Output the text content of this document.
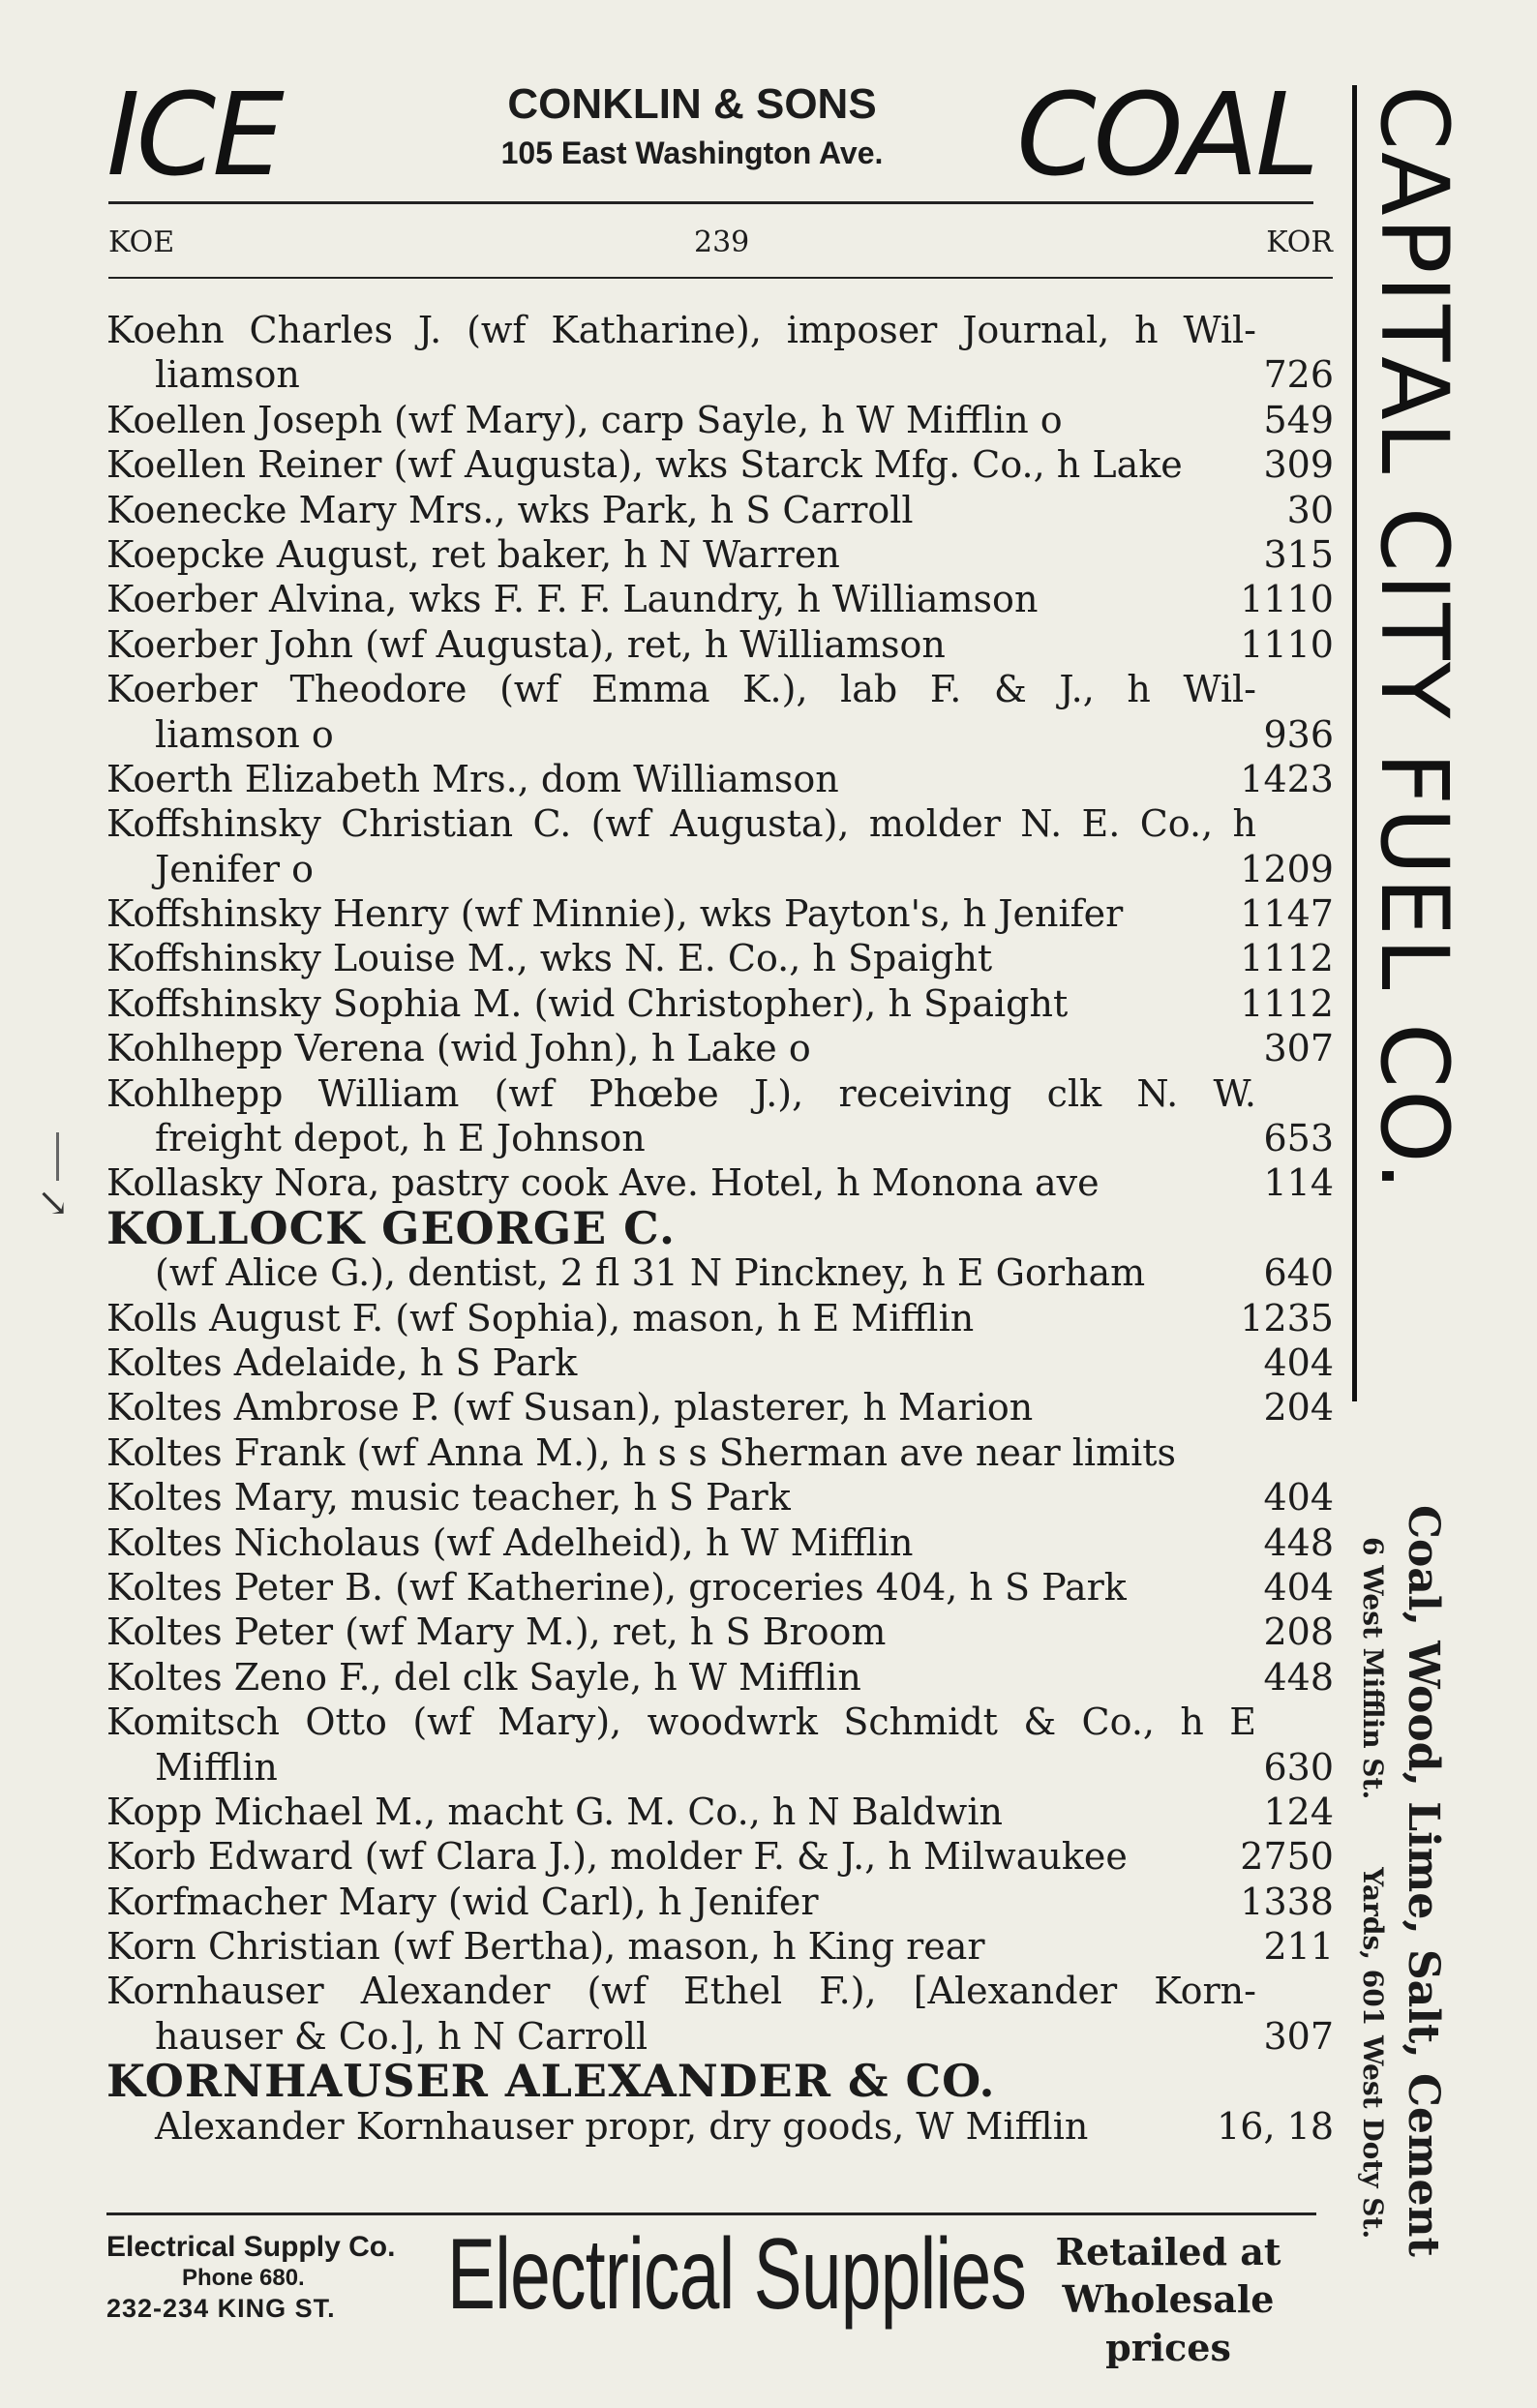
ICE	CONKLIN & SONS
105 East Washington Ave.	COAL
KOE	239	KOR
Koehn Charles J. (wf Katharine), imposer Journal, h Wil-
liamson	726
Koellen Joseph (wf Mary), carp Sayle, h W Mifflin o	549
Koellen Reiner (wf Augusta), wks Starck Mfg. Co., h Lake 309
Koenecke Mary Mrs., wks Park, h S Carroll	30
Koepcke August, ret baker, h N Warren	315
Koerber Alvina, wks F. F. F. Laundry, h Williamson	1110
Koerber John (wf Augusta), ret, h Williamson	1110
Koerber Theodore (wf Emma K.), lab F. & J., h Wil-
liamson o	936
Koerth Elizabeth Mrs., dom Williamson	1423
Koffshinsky Christian C. (wf Augusta), molder N. E. Co., h
Jenifer o	1209
Koffshinsky Henry (wf Minnie), wks Payton's, h Jenifer	1147
Koffshinsky Louise M., wks N. E. Co., h Spaight	1112
Koffshinsky Sophia M. (wid Christopher), h Spaight	1112
Kohlhepp Verena (wid John), h Lake o	307
Kohlhepp William (wf Phœbe J.), receiving clk N. W.
freight depot, h E Johnson	653
Kollasky Nora, pastry cook Ave. Hotel, h Monona ave	114
KOLLOCK GEORGE C.
(wf Alice G.), dentist, 2 fl 31 N Pinckney, h E Gorham	640
Kolls August F. (wf Sophia), mason, h E Mifflin	1235
Koltes Adelaide, h S Park	404
Koltes Ambrose P. (wf Susan), plasterer, h Marion	204
Koltes Frank (wf Anna M.), h s s Sherman ave near limits
Koltes Mary, music teacher, h S Park	404
Koltes Nicholaus (wf Adelheid), h W Mifflin	448
Koltes Peter B. (wf Katherine), groceries 404, h S Park	404
Koltes Peter (wf Mary M.), ret, h S Broom	208
Koltes Zeno F., del clk Sayle, h W Mifflin	448
Komitsch Otto (wf Mary), woodwrk Schmidt & Co., h E
Mifflin	630
Kopp Michael M., macht G. M. Co., h N Baldwin	124
Korb Edward (wf Clara J.), molder F. & J., h Milwaukee	2750
Korfmacher Mary (wid Carl), h Jenifer	1338
Korn Christian (wf Bertha), mason, h King rear	211
Kornhauser Alexander (wf Ethel F.), [Alexander Korn-
hauser & Co.], h N Carroll	307
KORNHAUSER ALEXANDER & CO.
Alexander Kornhauser propr, dry goods, W Mifflin	16, 18
↘
CAPITAL CITY FUEL CO.
Coal, Wood, Lime, Salt, Cement
6 West Mifflin St.Yards, 601 West Doty St.
Electrical Supply Co.
Phone 680.
232-234 KING ST.	Electrical Supplies Retailed at
Wholesale prices
